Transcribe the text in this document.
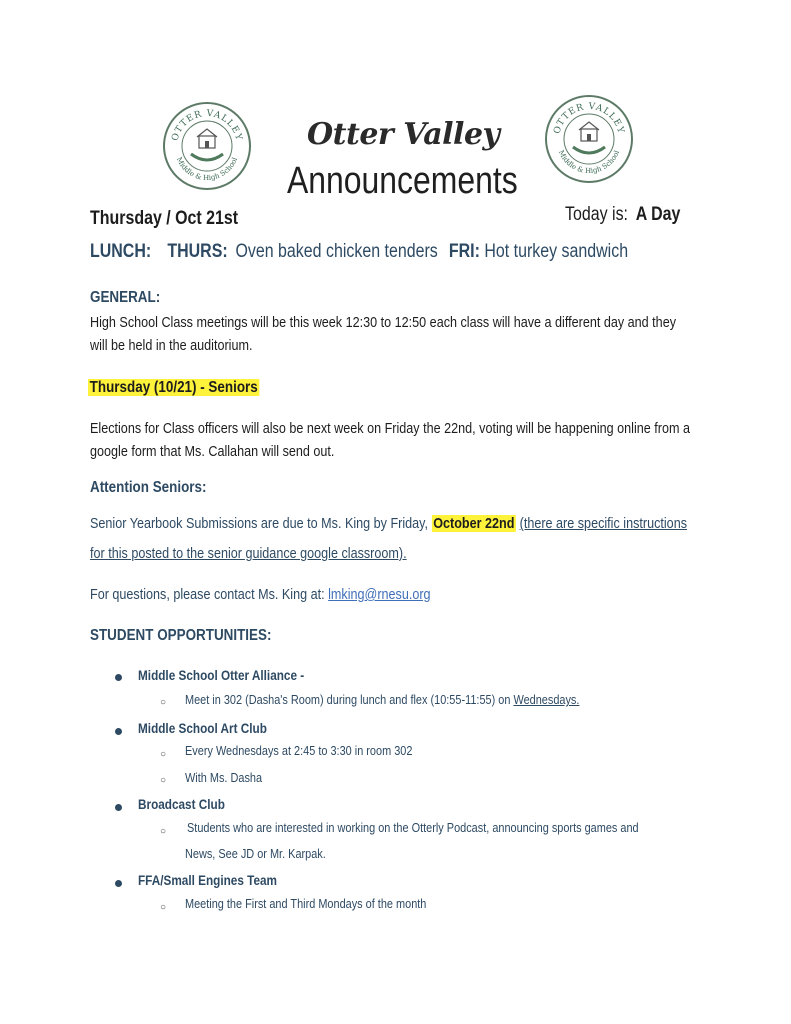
OTTER VALLEY
Middle & High School
OTTER VALLEY
Middle & High School
Otter Valley
Announcements
Thursday / Oct 21st	Today is: A Day
LUNCH: THURS: Oven baked chicken tenders FRI: Hot turkey sandwich
GENERAL:
High School Class meetings will be this week 12:30 to 12:50 each class will have a different day and they
will be held in the auditorium.
Thursday (10/21) - Seniors
Elections for Class officers will also be next week on Friday the 22nd, voting will be happening online from a
google form that Ms. Callahan will send out.
Attention Seniors:
Senior Yearbook Submissions are due to Ms. King by Friday, October 22nd (there are specific instructions
for this posted to the senior guidance google classroom).
For questions, please contact Ms. King at: lmking@rnesu.org
STUDENT OPPORTUNITIES:
Middle School Otter Alliance -
○ Meet in 302 (Dasha's Room) during lunch and flex (10:55-11:55) on Wednesdays.
Middle School Art Club
○ Every Wednesdays at 2:45 to 3:30 in room 302
○ With Ms. Dasha
Broadcast Club
○ Students who are interested in working on the Otterly Podcast, announcing sports games and
News, See JD or Mr. Karpak.
FFA/Small Engines Team
○ Meeting the First and Third Mondays of the month
